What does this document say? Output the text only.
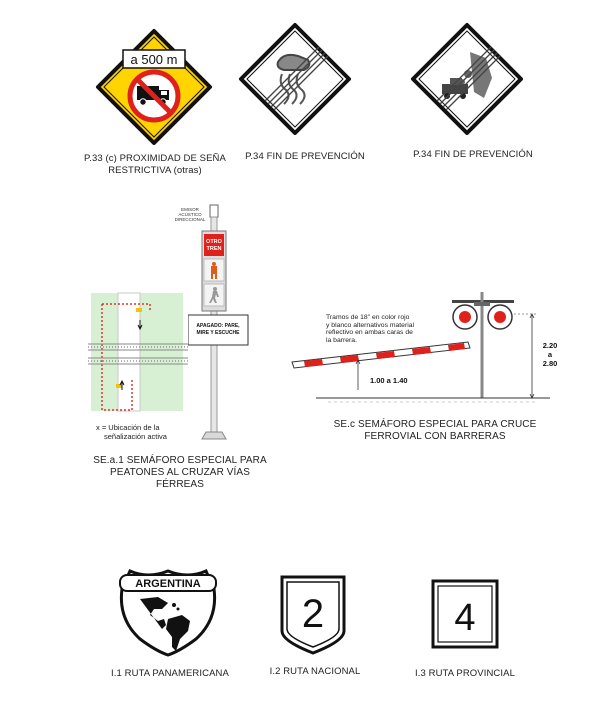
a 500 m
P.33 (c) PROXIMIDAD DE SEÑA
RESTRICTIVA (otras)
P.34 FIN DE PREVENCIÓN	P.34 FIN DE PREVENCIÓN
x = Ubicación de la
señalización activa
EMISOR ACÚSTICO
DIRECCIONAL
OTRO
TREN
APAGADO: PARE,
MIRE Y ESCUCHE
SE.a.1 SEMÁFORO ESPECIAL PARA
PEATONES AL CRUZAR VÍAS
FÉRREAS
Tramos de 18" en color rojo
y blanco alternativos material
reflectivo en ambas caras de
la barrera.
1.00 a 1.40
2.20
a
2.80
SE.c SEMÁFORO ESPECIAL PARA CRUCE
FERROVIAL CON BARRERAS
ARGENTINA
I.1 RUTA PANAMERICANA
2
I.2 RUTA NACIONAL
4
I.3 RUTA PROVINCIAL
